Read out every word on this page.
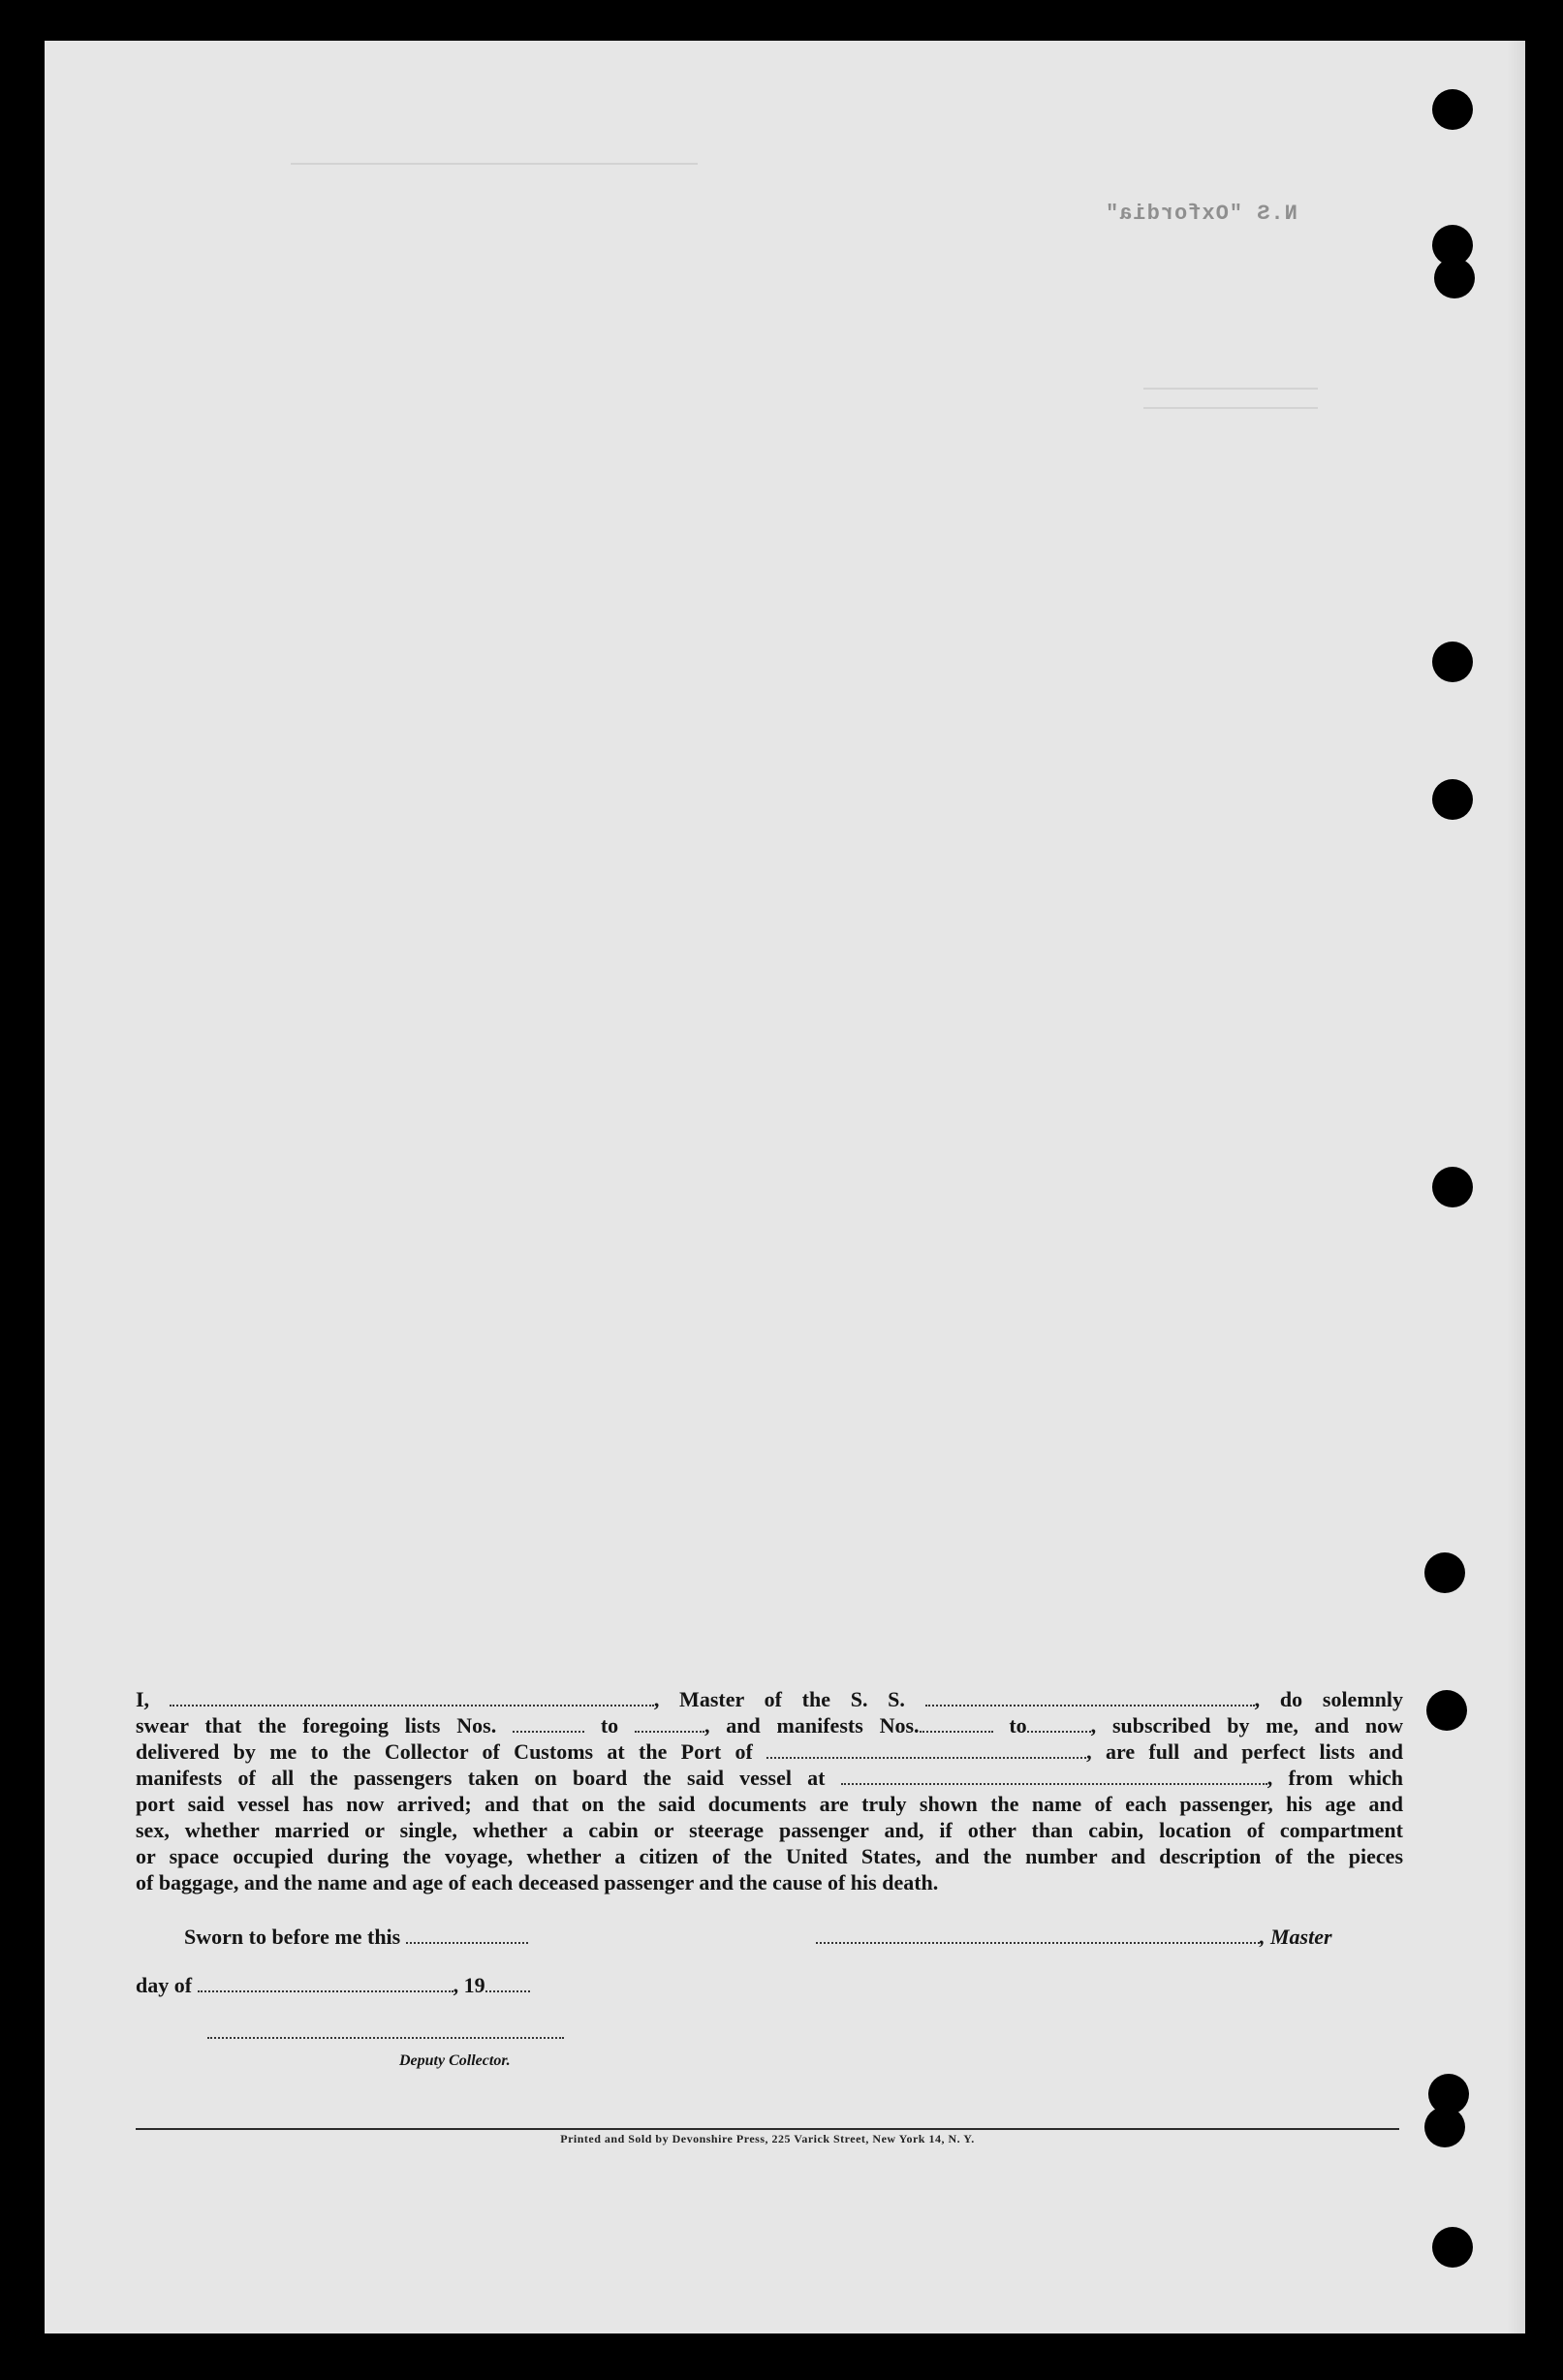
N.S "Oxfordia"

I,	, Master of the S. S.	, do solemnly

swear that the foregoing lists Nos.	to	, and manifests Nos.	to	, subscribed by me, and now

delivered by me to the Collector of Customs at the Port of	, are full and perfect lists and

manifests of all the passengers taken on board the said vessel at	, from which

port said vessel has now arrived; and that on the said documents are truly shown the name of each passenger, his age and

sex, whether married or single, whether a cabin or steerage passenger and, if other than cabin, location of compartment

or space occupied during the voyage, whether a citizen of the United States, and the number and description of the pieces

of baggage, and the name and age of each deceased passenger and the cause of his death.

Sworn to before me this	, Master
day of	, 19
Deputy Collector.
Printed and Sold by Devonshire Press, 225 Varick Street, New York 14, N. Y.
